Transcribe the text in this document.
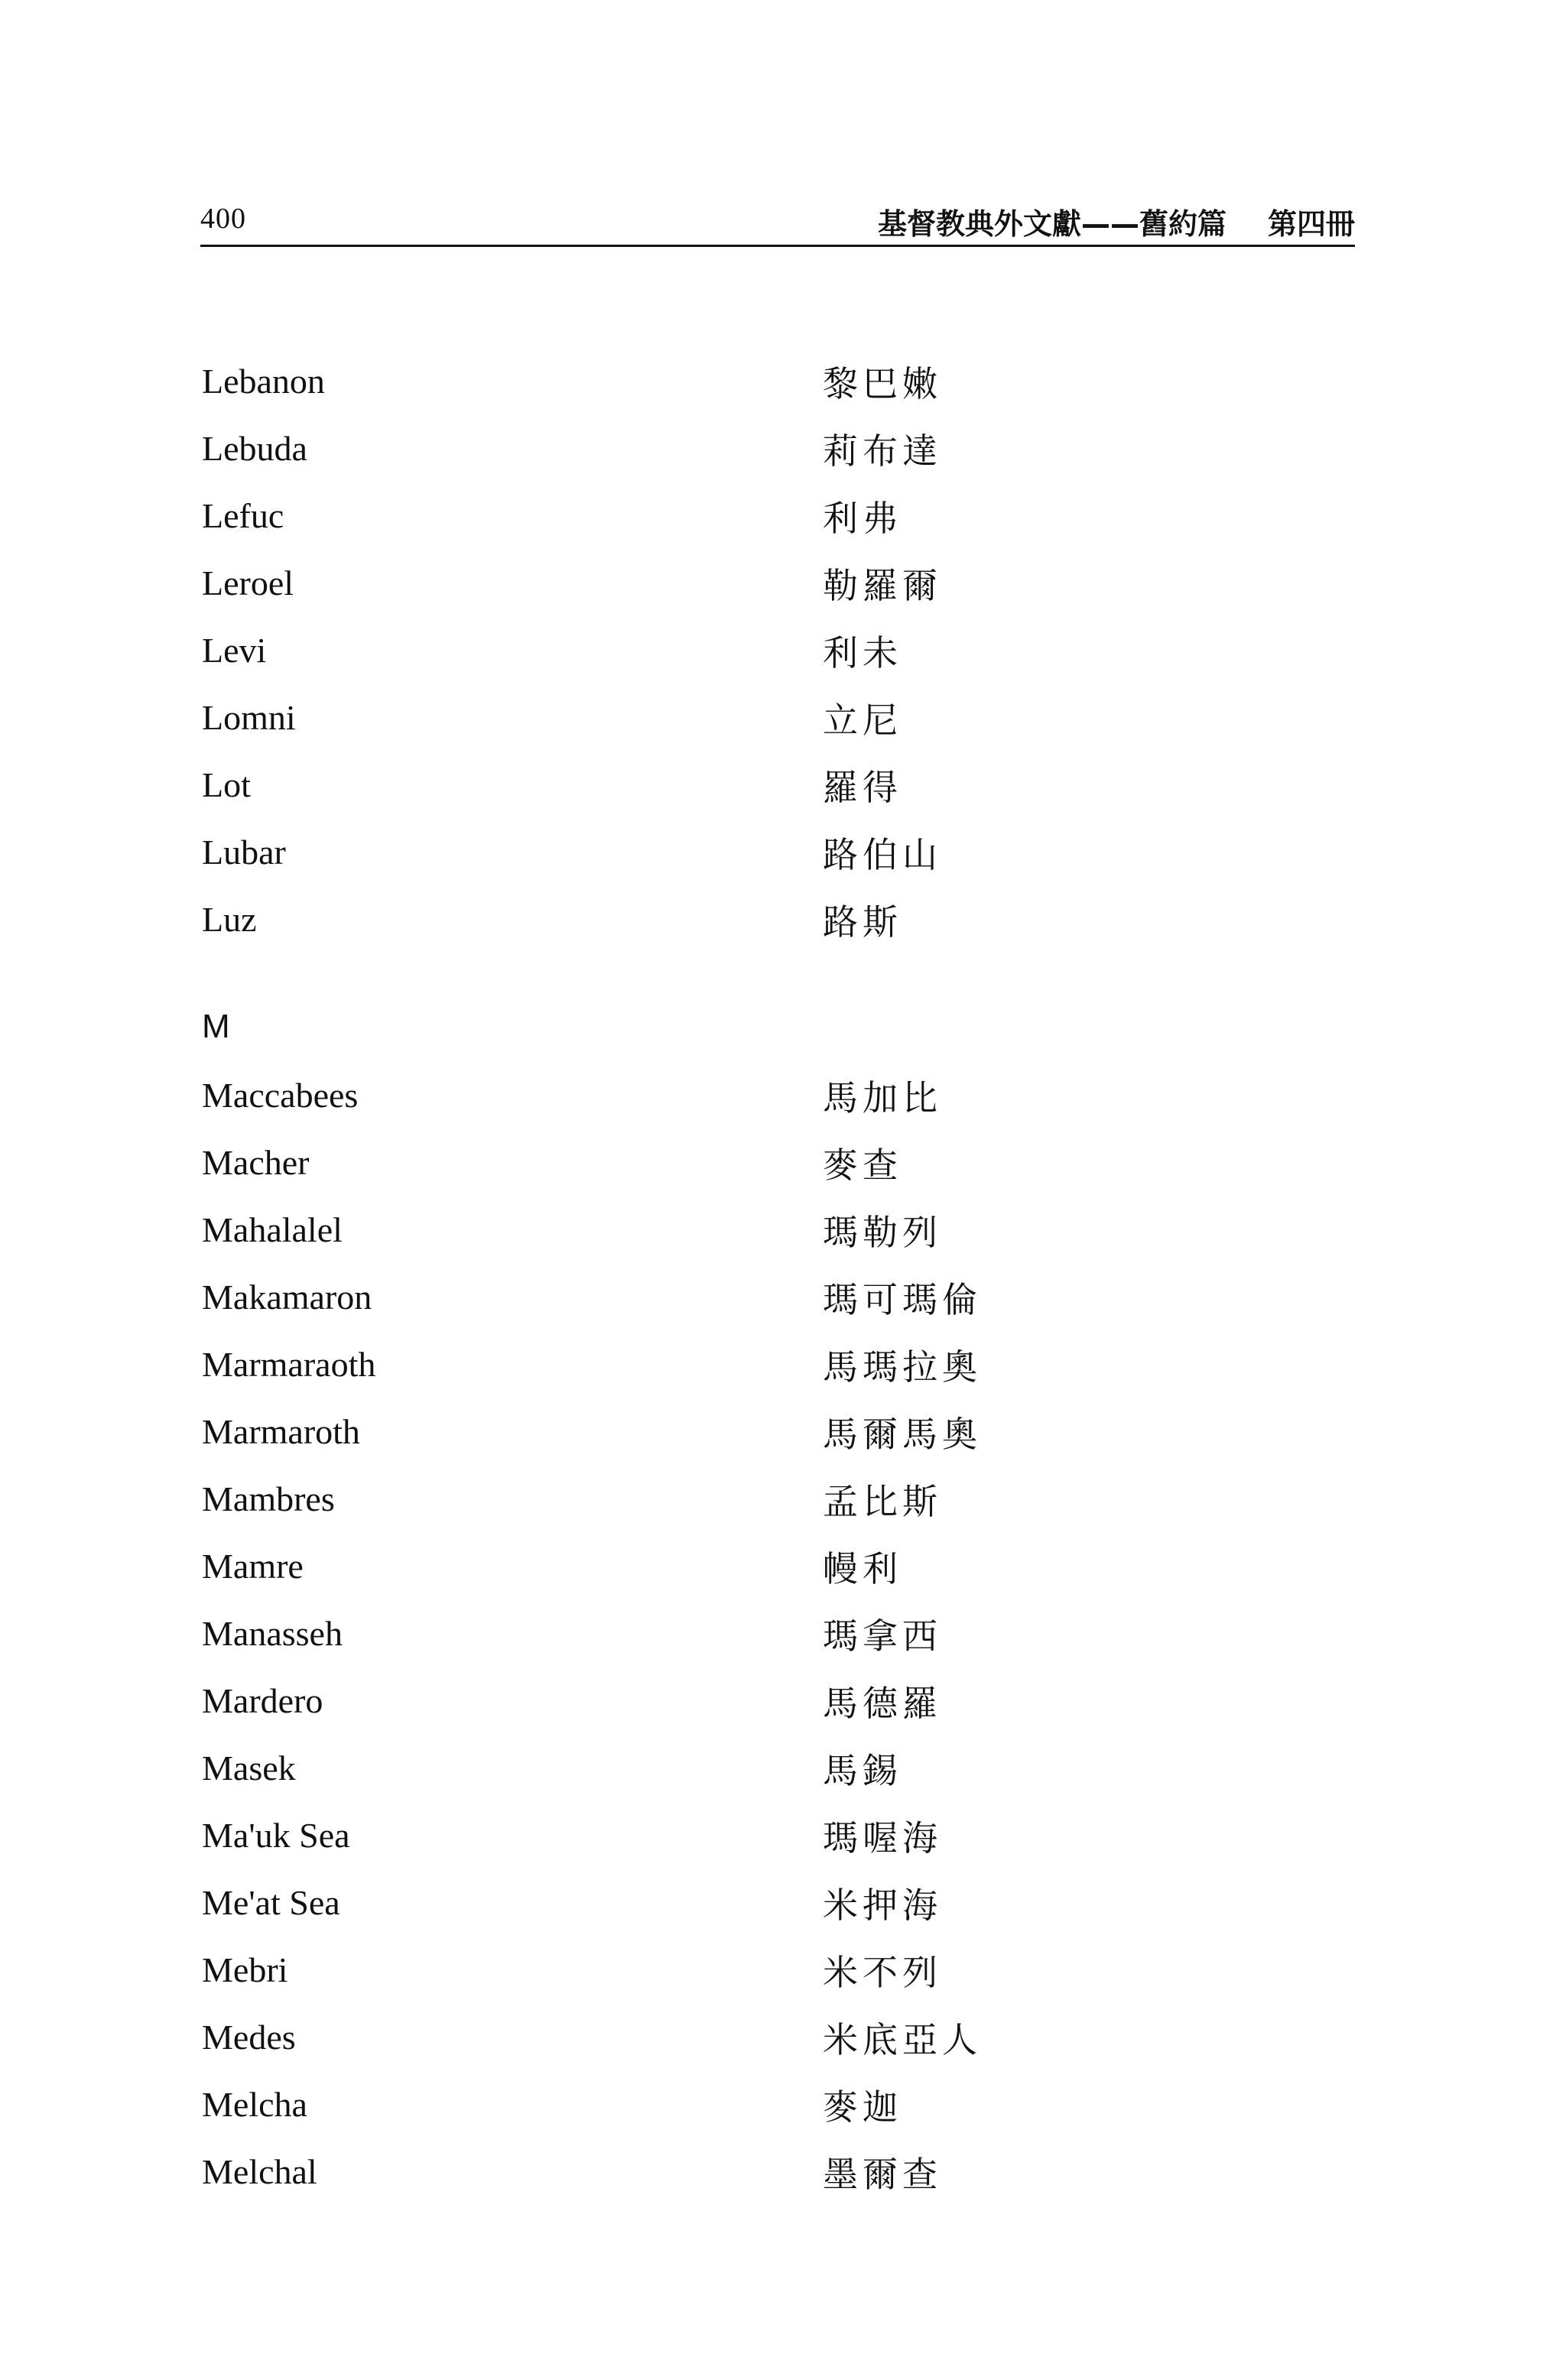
400	基督教典外文獻——舊約篇 第四冊
Lebanon	黎巴嫩
Lebuda	莉布達
Lefuc	利弗
Leroel	勒羅爾
Levi	利未
Lomni	立尼
Lot	羅得
Lubar	路伯山
Luz	路斯
M
Maccabees	馬加比
Macher	麥查
Mahalalel	瑪勒列
Makamaron	瑪可瑪倫
Marmaraoth	馬瑪拉奧
Marmaroth	馬爾馬奧
Mambres	孟比斯
Mamre	幔利
Manasseh	瑪拿西
Mardero	馬德羅
Masek	馬錫
Ma'uk Sea	瑪喔海
Me'at Sea	米押海
Mebri	米不列
Medes	米底亞人
Melcha	麥迦
Melchal	墨爾查
